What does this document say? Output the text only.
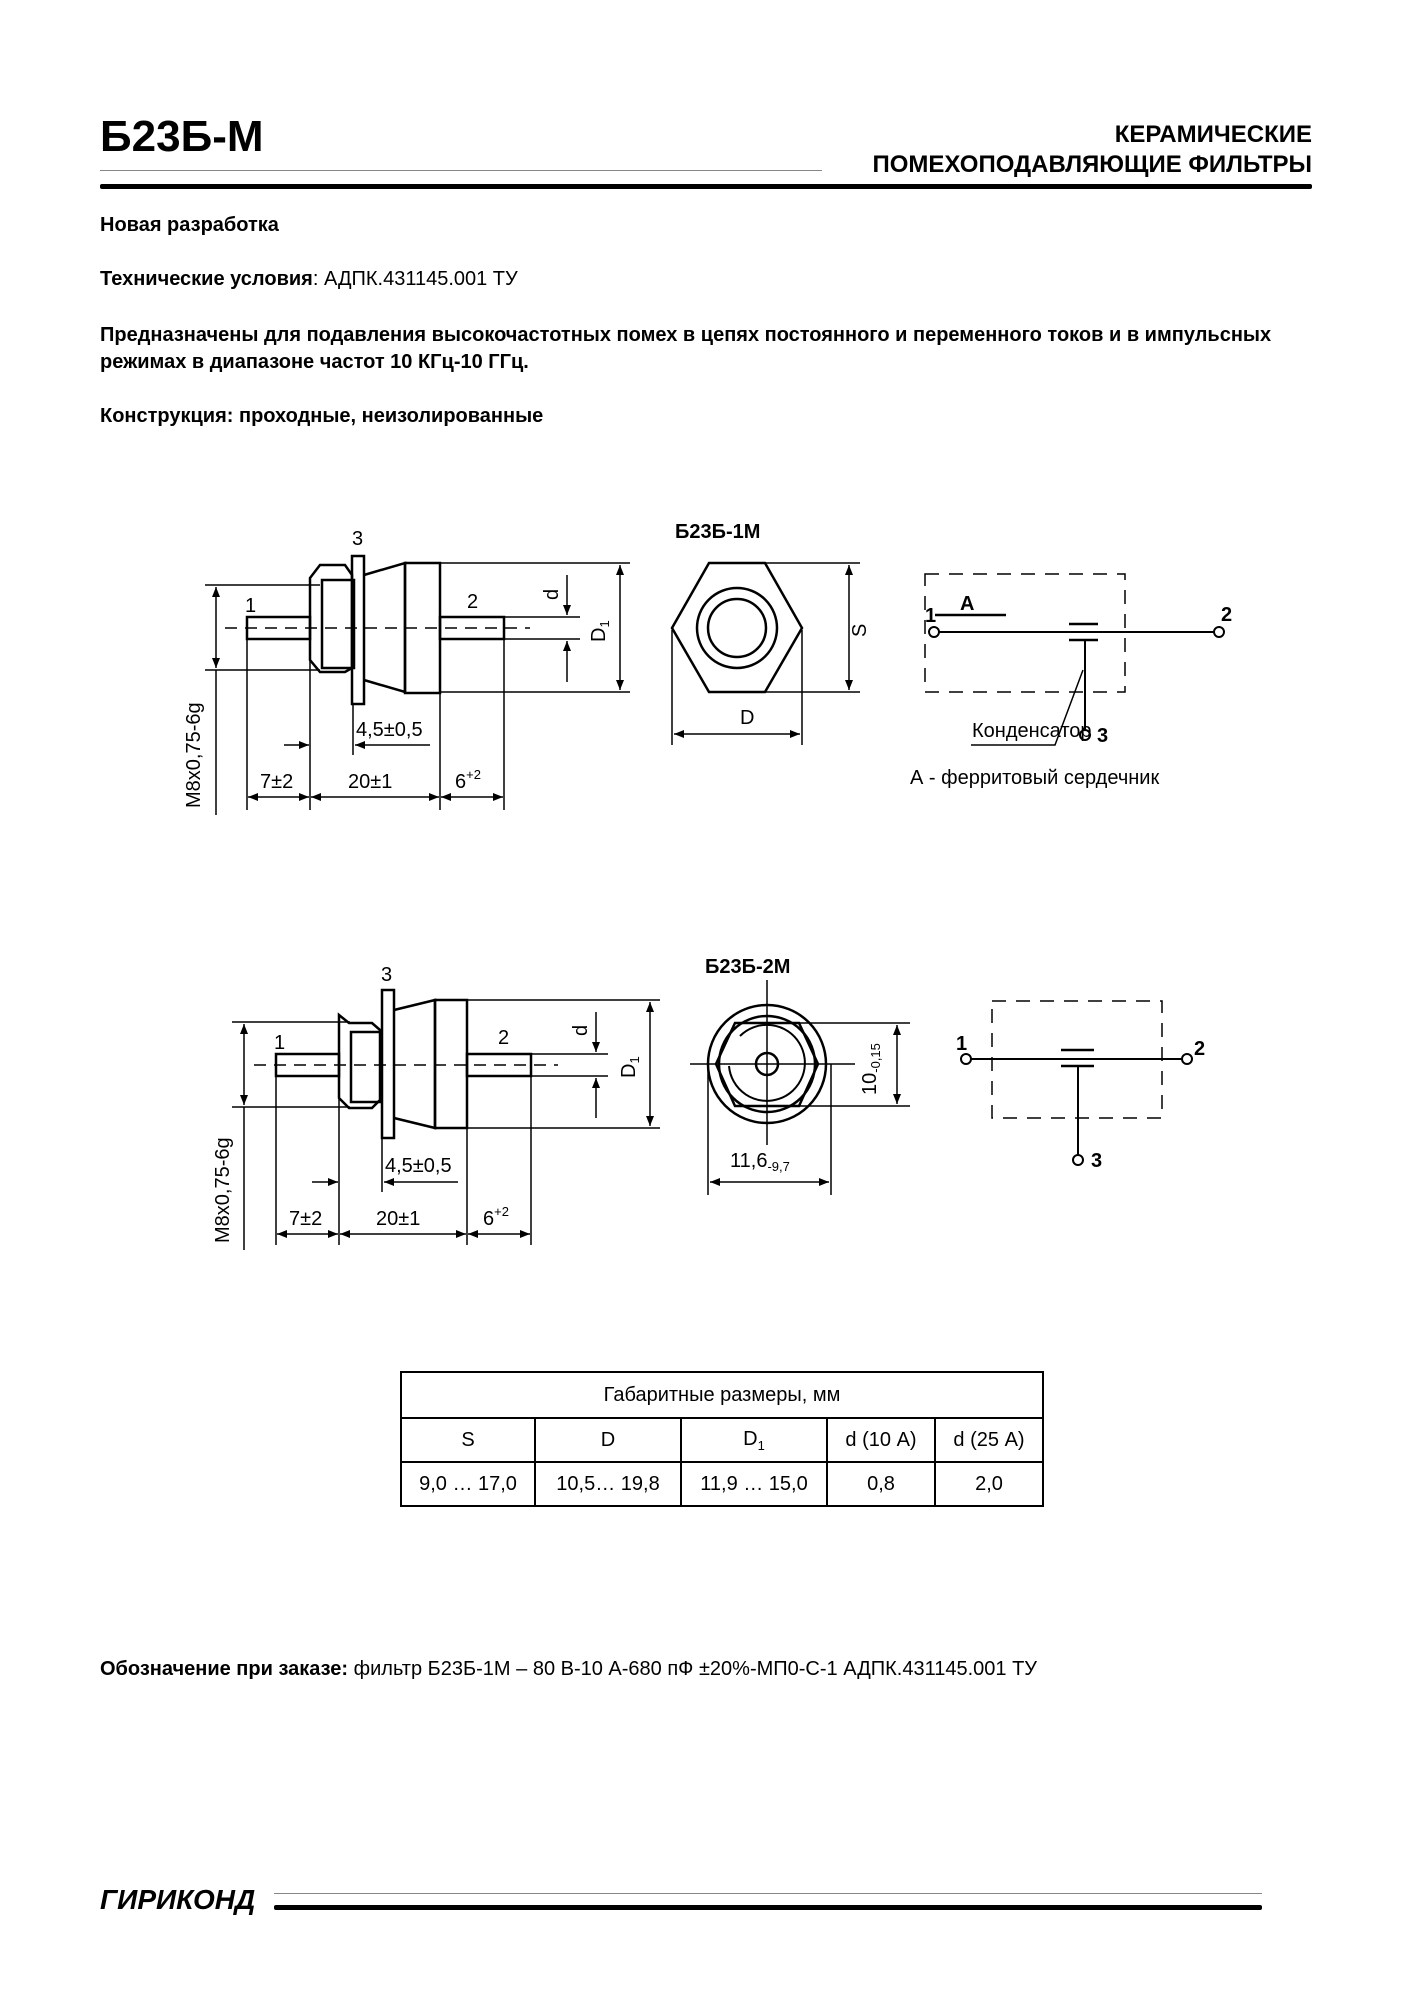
Б23Б-М	КЕРАМИЧЕСКИЕ
ПОМЕХОПОДАВЛЯЮЩИЕ ФИЛЬТРЫ
Новая разработка
Технические условия: АДПК.431145.001 ТУ
Предназначены для подавления высокочастотных помех в цепях постоянного и переменного токов и в импульсных режимах в диапазоне частот 10 КГц-10 ГГц.
Конструкция: проходные, неизолированные
3
1	2
М8х0,75-6g
d
$D_1$
4,5±0,5
7±2	20±1	$6^{+2}$
Б23Б-1М
S
D
1	2
3
А
Конденсатор
А - ферритовый сердечник
3
1	2
М8х0,75-6g
d
$D_1$
4,5±0,5
7±2	20±1	$6^{+2}$
Б23Б-2М
$10_{-0,15}$
$11,6_{-9,7}$
1	2
3
Габаритные размеры, мм				
S	D	$D_1$	d (10 А)	d (25 А)
9,0 … 17,0	10,5… 19,8	11,9 … 15,0	0,8	2,0
Обозначение при заказе: фильтр Б23Б-1М – 80 В-10 А-680 пФ ±20%-МП0-С-1 АДПК.431145.001 ТУ
ГИРИКОНД
